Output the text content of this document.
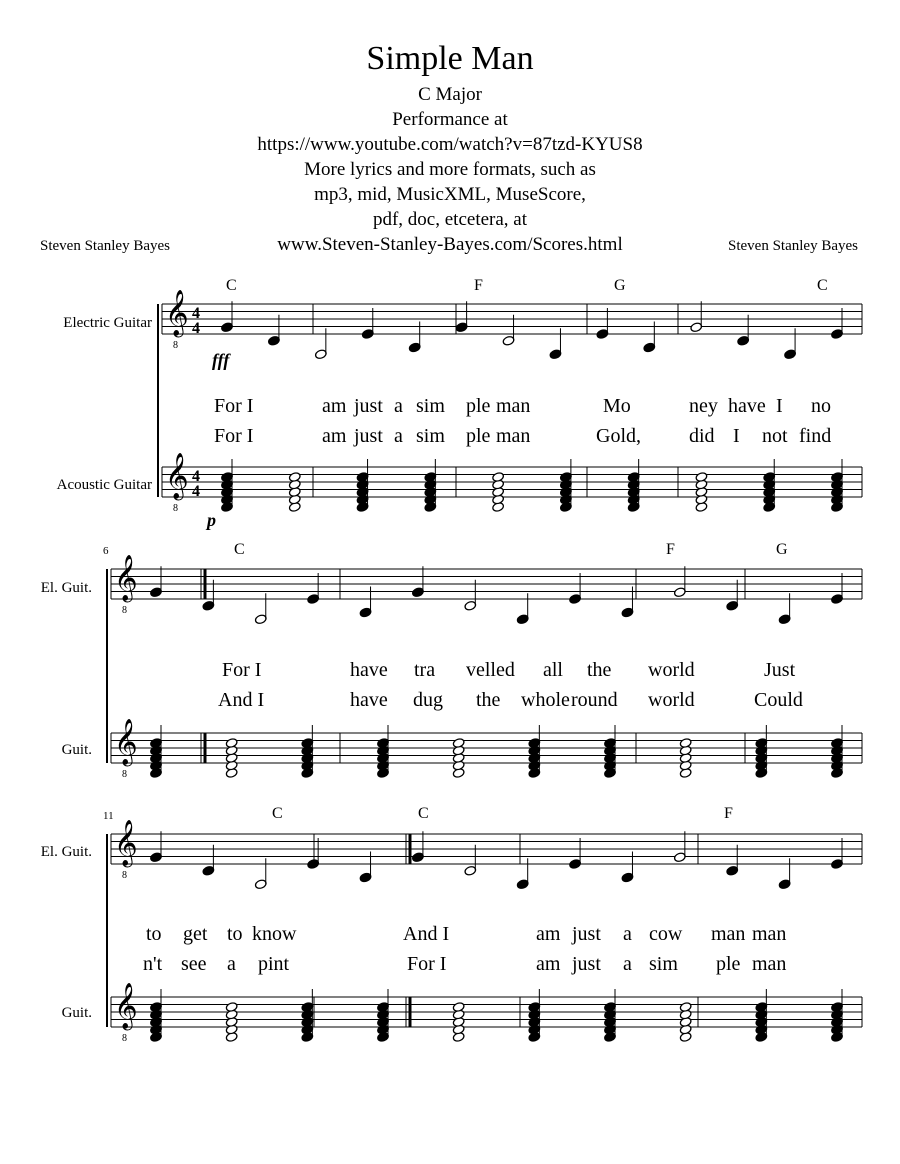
𝄞
8
𝄞
8
4
4
4
4
𝄞
8
𝄞
8
𝄞
8
𝄞
8
Simple Man
C Major
Performance at
https://www.youtube.com/watch?v=87tzd-KYUS8
More lyrics and more formats, such as
mp3, mid, MusicXML, MuseScore,
pdf, doc, etcetera, at
www.Steven-Stanley-Bayes.com/Scores.html
Steven Stanley Bayes	Steven Stanley Bayes
Electric Guitar
Acoustic Guitar
El. Guit.
Guit.
El. Guit.
Guit.
6
11
fff
p
C	F	G	C
For I	am just a sim ple man	Mo	ney have I no
For I	am just a sim ple man	Gold, did I not find
C	F	G
For I	have tra velled all the world	Just
And I	have dug the whole round world	Could
C	C	F
to get to know	And I	am just a cow man man
n't see a pint	For I	am just a sim ple man
